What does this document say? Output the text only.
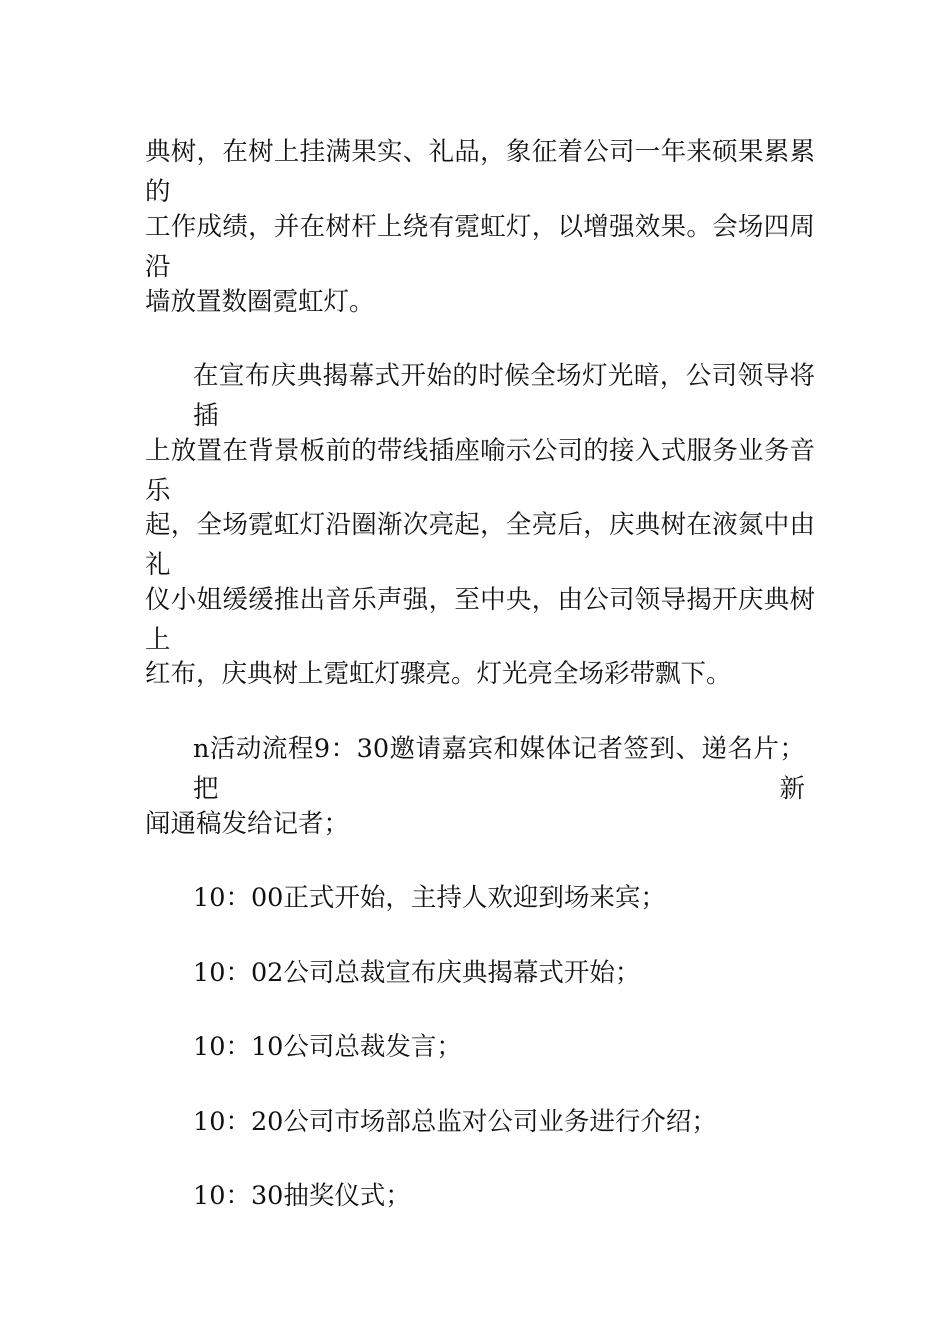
典树，在树上挂满果实、礼品，象征着公司一年来硕果累累的
工作成绩，并在树杆上绕有霓虹灯，以增强效果。会场四周沿
墙放置数圈霓虹灯。
在宣布庆典揭幕式开始的时候全场灯光暗，公司领导将插
上放置在背景板前的带线插座喻示公司的接入式服务业务音乐
起，全场霓虹灯沿圈渐次亮起，全亮后，庆典树在液氮中由礼
仪小姐缓缓推出音乐声强，至中央，由公司领导揭开庆典树上
红布，庆典树上霓虹灯骤亮。灯光亮全场彩带飘下。
n活动流程9：30邀请嘉宾和媒体记者签到、递名片；把新
闻通稿发给记者；
10：00正式开始，主持人欢迎到场来宾；
10：02公司总裁宣布庆典揭幕式开始；
10：10公司总裁发言；
10：20公司市场部总监对公司业务进行介绍；
10：30抽奖仪式；
